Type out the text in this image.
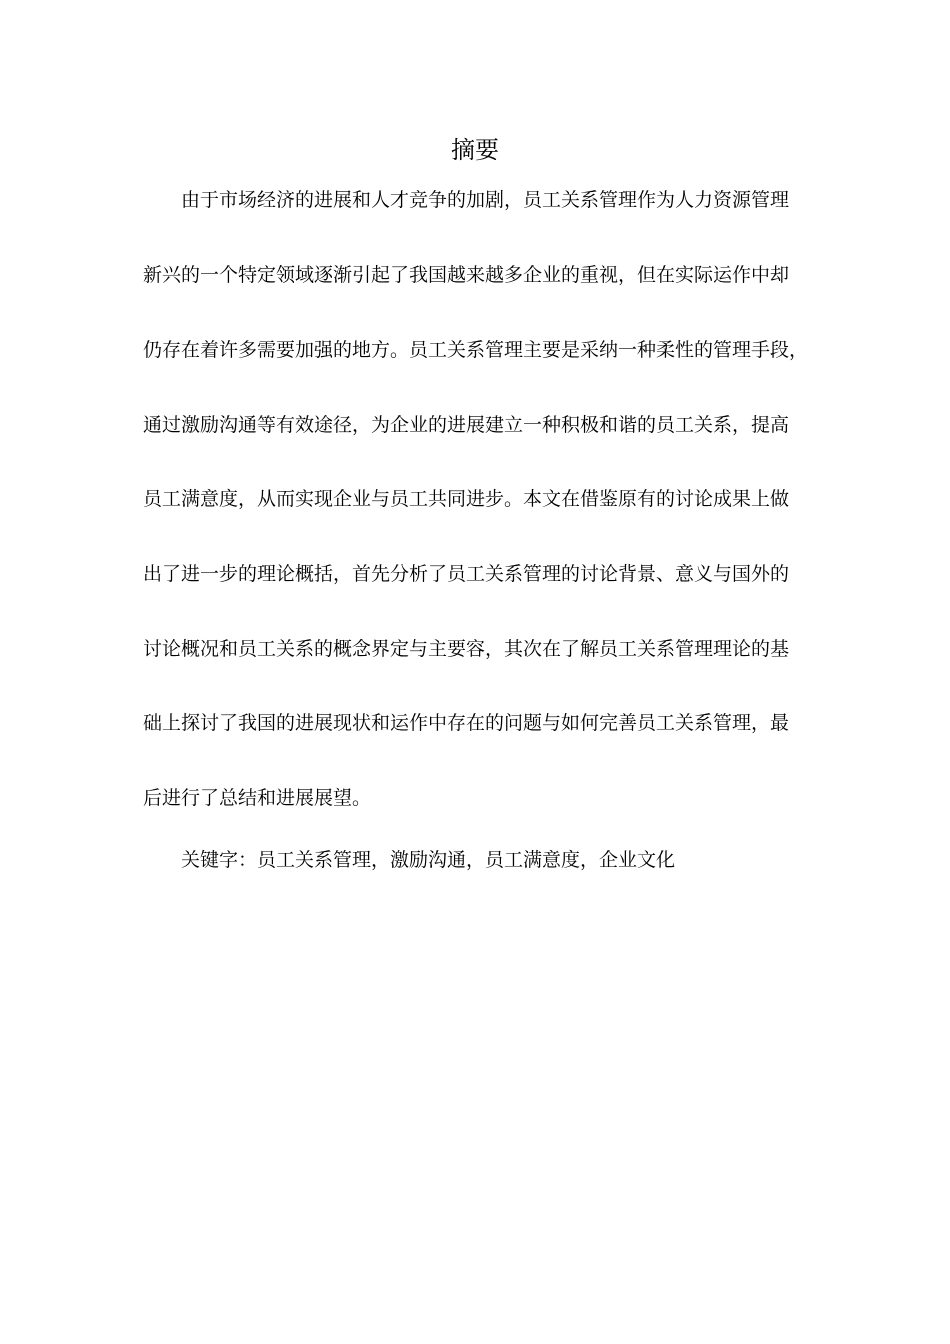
摘要

由于市场经济的进展和人才竞争的加剧，员工关系管理作为人力资源管理

新兴的一个特定领域逐渐引起了我国越来越多企业的重视，但在实际运作中却

仍存在着许多需要加强的地方。员工关系管理主要是采纳一种柔性的管理手段，

通过激励沟通等有效途径，为企业的进展建立一种积极和谐的员工关系，提高

员工满意度，从而实现企业与员工共同进步。本文在借鉴原有的讨论成果上做

出了进一步的理论概括，首先分析了员工关系管理的讨论背景、意义与国外的

讨论概况和员工关系的概念界定与主要容，其次在了解员工关系管理理论的基

础上探讨了我国的进展现状和运作中存在的问题与如何完善员工关系管理，最

后进行了总结和进展展望。

关键字：员工关系管理，激励沟通，员工满意度，企业文化
